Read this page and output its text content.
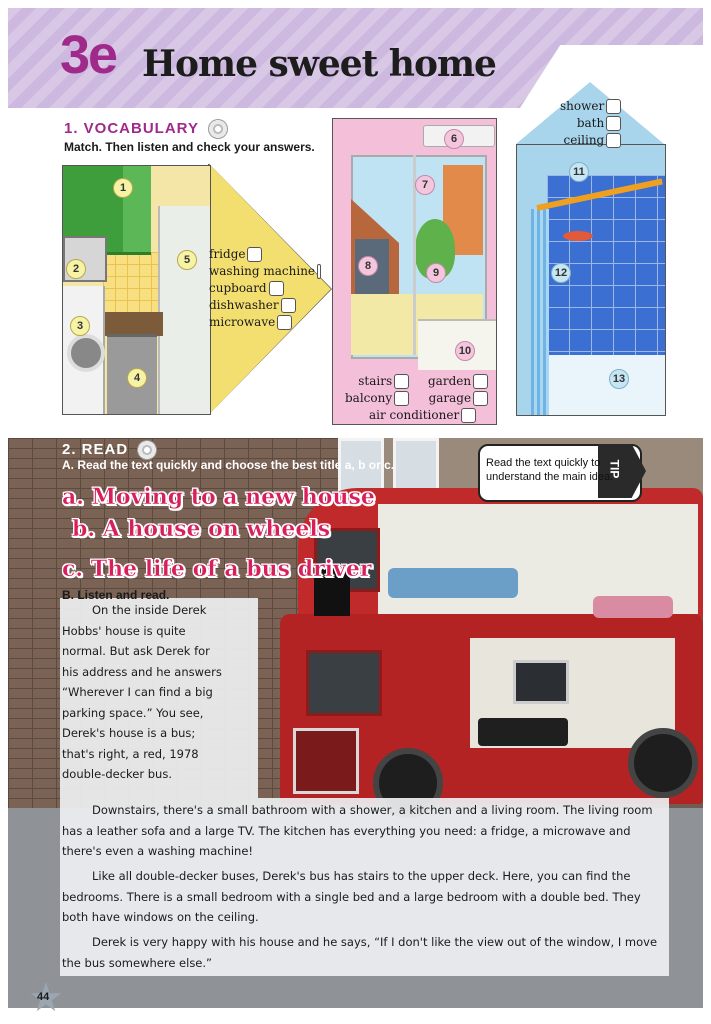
3e Home sweet home
1. VOCABULARY
Match. Then listen and check your answers.
1
2
3
4
5	fridge
washing machine
cupboard
dishwasher
microwave
6
7
8
9
10
stairs
balcony
garden
garage
air conditioner
shower
bath
ceiling
11
12
13
2. READ
A. Read the text quickly and choose the best title a, b or c.
a. Moving to a new house
b. A house on wheels
c. The life of a bus driver
TIP
Read the text quickly to understand the main idea.
B. Listen and read.
On the inside Derek
Hobbs' house is quite
normal. But ask Derek for
his address and he answers
“Wherever I can find a big
parking space.” You see,
Derek's house is a bus;
that's right, a red, 1978
double-decker bus.
Downstairs, there's a small bathroom with a shower, a kitchen and a living room. The living room has a leather sofa and a large TV. The kitchen has everything you need: a fridge, a microwave and there's even a washing machine!
Like all double-decker buses, Derek's bus has stairs to the upper deck. Here, you can find the bedrooms. There is a small bedroom with a single bed and a large bedroom with a double bed. They both have windows on the ceiling.
Derek is very happy with his house and he says, “If I don't like the view out of the window, I move the bus somewhere else.”
44
